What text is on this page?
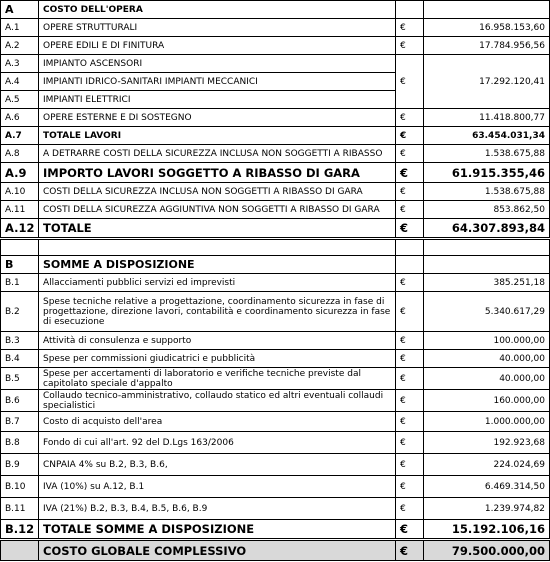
A	COSTO DELL'OPERA		
A.1	OPERE STRUTTURALI	€	16.958.153,60
A.2	OPERE EDILI E DI FINITURA	€	17.784.956,56
A.3	IMPIANTO ASCENSORI	€	17.292.120,41
A.4	IMPIANTI IDRICO-SANITARI IMPIANTI MECCANICI		
A.5	IMPIANTI ELETTRICI		
A.6	OPERE ESTERNE E DI SOSTEGNO	€	11.418.800,77
A.7	TOTALE LAVORI	€	63.454.031,34
A.8	A DETRARRE COSTI DELLA SICUREZZA INCLUSA NON SOGGETTI A RIBASSO	€	1.538.675,88
A.9	IMPORTO LAVORI SOGGETTO A RIBASSO DI GARA	€	61.915.355,46
A.10	COSTI DELLA SICUREZZA INCLUSA NON SOGGETTI A RIBASSO DI GARA	€	1.538.675,88
A.11	COSTI DELLA SICUREZZA AGGIUNTIVA NON SOGGETTI A RIBASSO DI GARA	€	853.862,50
A.12	TOTALE	€	64.307.893,84

B	SOMME A DISPOSIZIONE		
B.1	Allacciamenti pubblici servizi ed imprevisti	€	385.251,18
B.2	Spese tecniche relative a progettazione, coordinamento sicurezza in fase di progettazione, direzione lavori, contabilità e coordinamento sicurezza in fase di esecuzione	€	5.340.617,29
B.3	Attività di consulenza e supporto	€	100.000,00
B.4	Spese per commissioni giudicatrici e pubblicità	€	40.000,00
B.5	Spese per accertamenti di laboratorio e verifiche tecniche previste dal capitolato speciale d'appalto	€	40.000,00
B.6	Collaudo tecnico-amministrativo, collaudo statico ed altri eventuali collaudi specialistici	€	160.000,00
B.7	Costo di acquisto dell'area	€	1.000.000,00
B.8	Fondo di cui all'art. 92 del D.Lgs 163/2006	€	192.923,68
B.9	CNPAIA 4% su B.2, B.3, B.6,	€	224.024,69
B.10	IVA (10%) su A.12, B.1	€	6.469.314,50
B.11	IVA (21%) B.2, B.3, B.4, B.5, B.6, B.9	€	1.239.974,82
B.12	TOTALE SOMME A DISPOSIZIONE	€	15.192.106,16
	COSTO GLOBALE COMPLESSIVO	€	79.500.000,00
